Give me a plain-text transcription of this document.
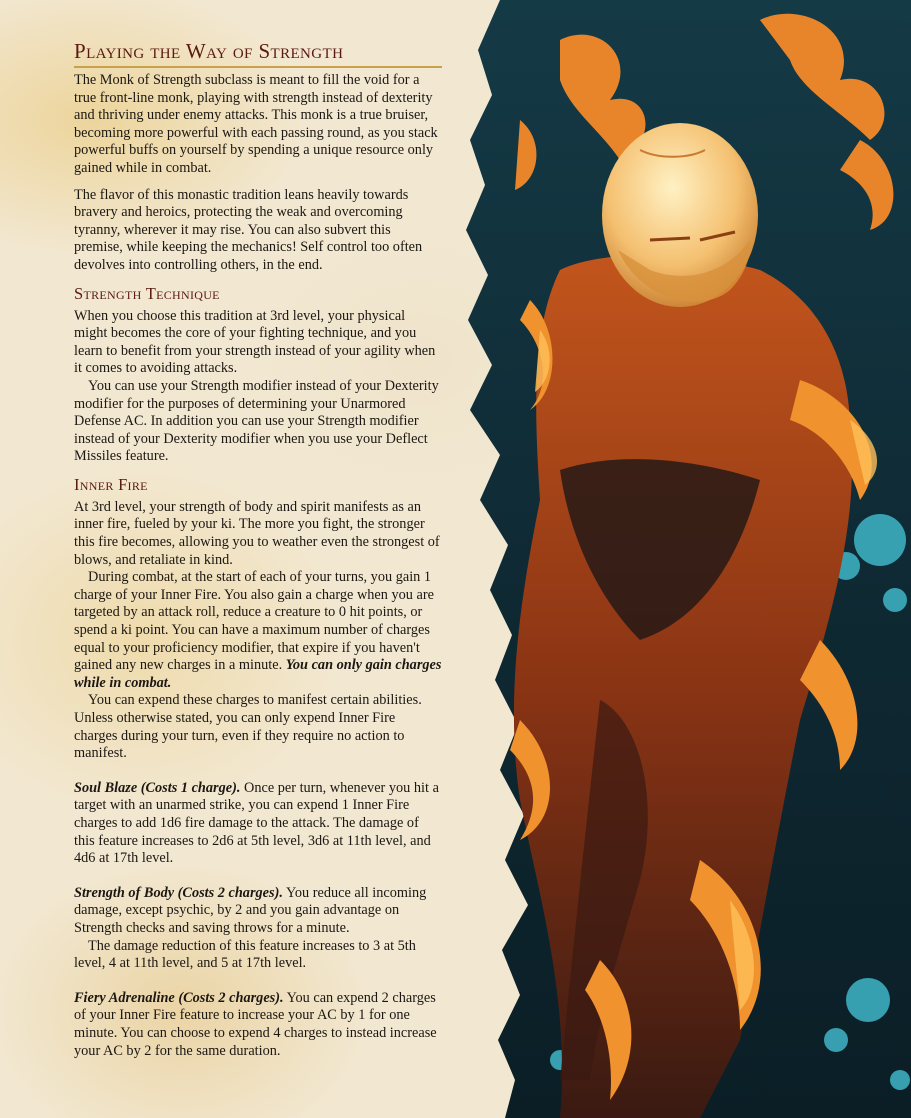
Playing the Way of Strength

The Monk of Strength subclass is meant to fill the void for a true front-line monk, playing with strength instead of dexterity and thriving under enemy attacks. This monk is a true bruiser, becoming more powerful with each passing round, as you stack powerful buffs on yourself by spending a unique resource only gained while in combat.

The flavor of this monastic tradition leans heavily towards bravery and heroics, protecting the weak and overcoming tyranny, wherever it may rise. You can also subvert this premise, while keeping the mechanics! Self control too often devolves into controlling others, in the end.

Strength Technique

When you choose this tradition at 3rd level, your physical might becomes the core of your fighting technique, and you learn to benefit from your strength instead of your agility when it comes to avoiding attacks.

You can use your Strength modifier instead of your Dexterity modifier for the purposes of determining your Unarmored Defense AC. In addition you can use your Strength modifier instead of your Dexterity modifier when you use your Deflect Missiles feature.

Inner Fire

At 3rd level, your strength of body and spirit manifests as an inner fire, fueled by your ki. The more you fight, the stronger this fire becomes, allowing you to weather even the strongest of blows, and retaliate in kind.

During combat, at the start of each of your turns, you gain 1 charge of your Inner Fire. You also gain a charge when you are targeted by an attack roll, reduce a creature to 0 hit points, or spend a ki point. You can have a maximum number of charges equal to your proficiency modifier, that expire if you haven't gained any new charges in a minute. You can only gain charges while in combat.

You can expend these charges to manifest certain abilities. Unless otherwise stated, you can only expend Inner Fire charges during your turn, even if they require no action to manifest.

Soul Blaze (Costs 1 charge). Once per turn, whenever you hit a target with an unarmed strike, you can expend 1 Inner Fire charges to add 1d6 fire damage to the attack. The damage of this feature increases to 2d6 at 5th level, 3d6 at 11th level, and 4d6 at 17th level.

Strength of Body (Costs 2 charges). You reduce all incoming damage, except psychic, by 2 and you gain advantage on Strength checks and saving throws for a minute.

The damage reduction of this feature increases to 3 at 5th level, 4 at 11th level, and 5 at 17th level.

Fiery Adrenaline (Costs 2 charges). You can expend 2 charges of your Inner Fire feature to increase your AC by 1 for one minute. You can choose to expend 4 charges to instead increase your AC by 2 for the same duration.
